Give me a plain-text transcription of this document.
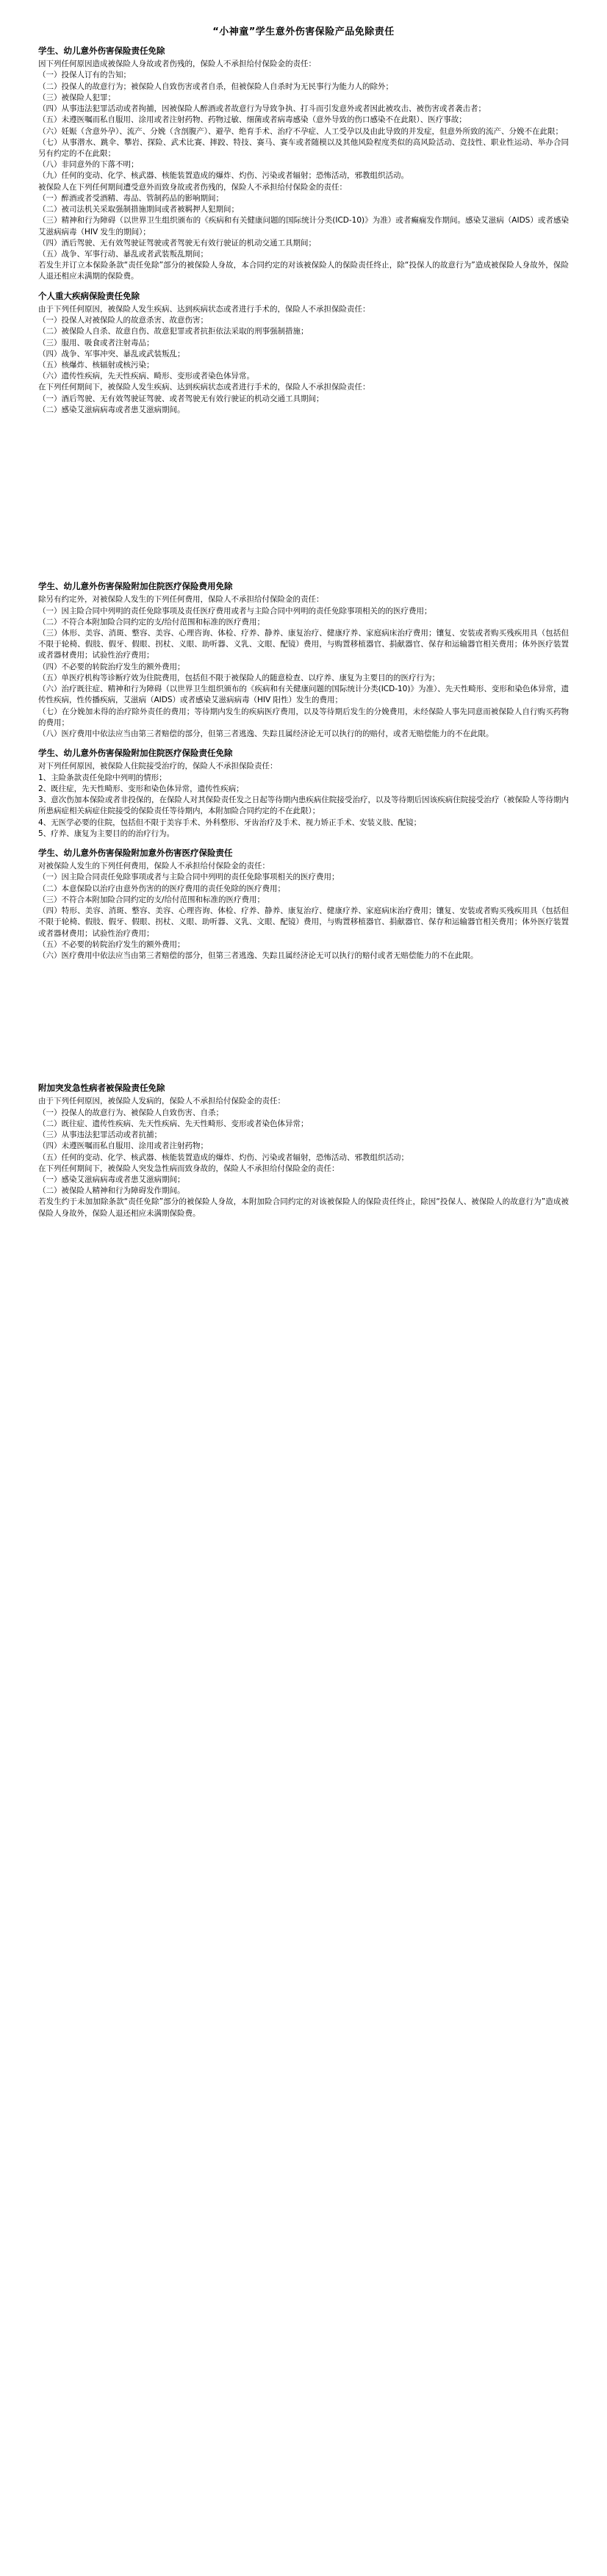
“小神童”学生意外伤害保险产品免除责任
学生、幼儿意外伤害保险责任免除

因下列任何原因造成被保险人身故或者伤残的，保险人不承担给付保险金的责任：

（一）投保人订有的告知；

（二）投保人的故意行为；被保险人自致伤害或者自杀，但被保险人自杀时为无民事行为能力人的除外；

（三）被保险人犯罪；

（四）从事违法犯罪活动或者拘捕，因被保险人醉酒或者故意行为导致争执、打斗而引发意外或者因此被攻击、被伤害或者袭击者；

（五）未遵医嘱而私自服用、涂用或者注射药物、药物过敏、细菌或者病毒感染（意外导致的伤口感染不在此限）、医疗事故；

（六）妊娠（含意外孕）、流产、分娩（含剖腹产）、避孕、绝育手术、治疗不孕症、人工受孕以及由此导致的并发症，但意外所致的流产、分娩不在此限；

（七）从事潜水、跳伞、攀岩、探险、武术比赛、摔跤、特技、赛马、赛车或者随模以及其他风险程度类似的高风险活动、竞技性、职业性运动、举办合同另有约定的不在此限；

（八）非同意外的下落不明；

（九）任何的变动、化学、核武器、核能装置造成的爆炸、灼伤、污染或者辐射；恐怖活动，邪教组织活动。

被保险人在下列任何期间遭受意外而致身故或者伤残的，保险人不承担给付保险金的责任：

（一）醉酒或者受酒精、毒品、管制药品的影响期间；

（二）被司法机关采取强制措施期间或者被羁押人犯期间；

（三）精神和行为障碍（以世界卫生组织颁布的《疾病和有关健康问题的国际统计分类(ICD-10)》为准）或者癫痫发作期间。感染艾滋病（AIDS）或者感染艾滋病病毒（HIV 发生的期间）；

（四）酒后驾驶、无有效驾驶证驾驶或者驾驶无有效行驶证的机动交通工具期间；

（五）战争、军事行动、暴乱或者武装叛乱期间；

若发生并订立本保险条款“责任免除”部分的被保险人身故，本合同约定的对该被保险人的保险责任终止，除“投保人的故意行为”造成被保险人身故外，保险人退还相应未满期的保险费。

个人重大疾病保险责任免除

由于下列任何原因，被保险人发生疾病、达到疾病状态或者进行手术的，保险人不承担保险责任：

（一）投保人对被保险人的故意杀害、故意伤害；

（二）被保险人自杀、故意自伤、故意犯罪或者抗拒依法采取的刑事强制措施；

（三）服用、吸食或者注射毒品；

（四）战争、军事冲突、暴乱或武装叛乱；

（五）核爆炸、核辐射或核污染；

（六）遗传性疾病，先天性疾病、畸形、变形或者染色体异常。

在下列任何期间下，被保险人发生疾病、达到疾病状态或者进行手术的，保险人不承担保险责任：

（一）酒后驾驶、无有效驾驶证驾驶、或者驾驶无有效行驶证的机动交通工具期间；

（二）感染艾滋病病毒或者患艾滋病期间。

学生、幼儿意外伤害保险附加住院医疗保险费用免除

除另有约定外，对被保险人发生的下列任何费用，保险人不承担给付保险金的责任：

（一）因主险合同中列明的责任免除事项及责任医疗费用或者与主险合同中列明的责任免除事项相关的的医疗费用；

（二）不符合本附加险合同约定的支/给付范围和标准的医疗费用；

（三）体形、美容、消斑、整容、美容、心理咨询、体检、疗养、静养、康复治疗、健康疗养、家庭病床治疗费用；镶复、安装或者购买残疾用具（包括但不限于轮椅、假肢、假牙、假眼、拐杖、义眼、助听器、义乳、文眼、配镜）费用，与购置移植器官、捐献器官、保存和运输器官相关费用；体外医疗装置或者器材费用；试验性治疗费用；

（四）不必要的转院治疗发生的额外费用；

（五）单医疗机构等诊断疗效为住院费用，包括但不限于被保险人的随意检查、以疗养、康复为主要目的的医疗行为；

（六）治疗既往症、精神和行为障碍（以世界卫生组织颁布的《疾病和有关健康问题的国际统计分类(ICD-10)》为准）、先天性畸形、变形和染色体异常，遗传性疾病，性传播疾病，艾滋病（AIDS）或者感染艾滋病病毒（HIV 阳性）发生的费用；

（七）在分娩加未得的治疗除外责任的费用；等待期内发生的疾病医疗费用，以及等待期后发生的分娩费用，未经保险人事先同意而被保险人自行购买药物的费用；

（八）医疗费用中依法应当由第三者赔偿的部分，但第三者逃逸、失踪且属经济论无可以执行的的赔付，或者无赔偿能力的不在此限。

学生、幼儿意外伤害保险附加住院医疗保险责任免除

对下列任何原因，被保险人住院接受治疗的，保险人不承担保险责任：

1、主险条款责任免除中列明的情形；

2、既往症，先天性畸形、变形和染色体异常，遗传性疾病；

3、意次伤加本保险或者非投保的，在保险人对其保险责任发之日起等待期内患疾病住院接受治疗，以及等待期后因该疾病住院接受治疗（被保险人等待期内所患病症相关病症住院接受的保险责任等待期内，本附加险合同约定的不在此限）；

4、无医学必要的住院，包括但不限于美容手术、外科整形、牙齿治疗及手术、视力矫正手术、安装义肢、配镜；

5、疗养、康复为主要目的的治疗行为。

学生、幼儿意外伤害保险附加意外伤害医疗保险责任

对被保险人发生的下列任何费用，保险人不承担给付保险金的责任：

（一）因主险合同责任免除事项或者与主险合同中列明的责任免除事项相关的医疗费用；

（二）本意保险以治疗由意外伤害的的医疗费用的责任免除的医疗费用；

（三）不符合本附加险合同约定的支/给付范围和标准的医疗费用；

（四）特形、美容、消斑、整容、美容、心理咨询、体检、疗养、静养、康复治疗、健康疗养、家庭病床治疗费用；镶复、安装或者购买残疾用具（包括但不限于轮椅、假肢、假牙、假眼、拐杖、义眼、助听器、义乳、文眼、配镜）费用，与购置移植器官、捐献器官、保存和运输器官相关费用；体外医疗装置或者器材费用；试验性治疗费用；

（五）不必要的转院治疗发生的额外费用；

（六）医疗费用中依法应当由第三者赔偿的部分，但第三者逃逸、失踪且属经济论无可以执行的赔付或者无赔偿能力的不在此限。

附加突发急性病者被保险责任免除

由于下列任何原因，被保险人发病的，保险人不承担给付保险金的责任：

（一）投保人的故意行为、被保险人自致伤害、自杀；

（二）既往症、遗传性疾病、先天性疾病、先天性畸形、变形或者染色体异常；

（三）从事违法犯罪活动或者抗捕；

（四）未遵医嘱而私自服用、涂用或者注射药物；

（五）任何的变动、化学、核武器、核能装置造成的爆炸、灼伤、污染或者辐射，恐怖活动、邪教组织活动；

在下列任何期间下，被保险人突发急性病而致身故的，保险人不承担给付保险金的责任：

（一）感染艾滋病病毒或者患艾滋病期间；

（二）被保险人精神和行为障碍发作期间。

若发生约于未加加除条款“责任免除”部分的被保险人身故，本附加险合同约定的对该被保险人的保险责任终止，除因“投保人、被保险人的故意行为”造成被保险人身故外，保险人退还相应未满期保险费。
